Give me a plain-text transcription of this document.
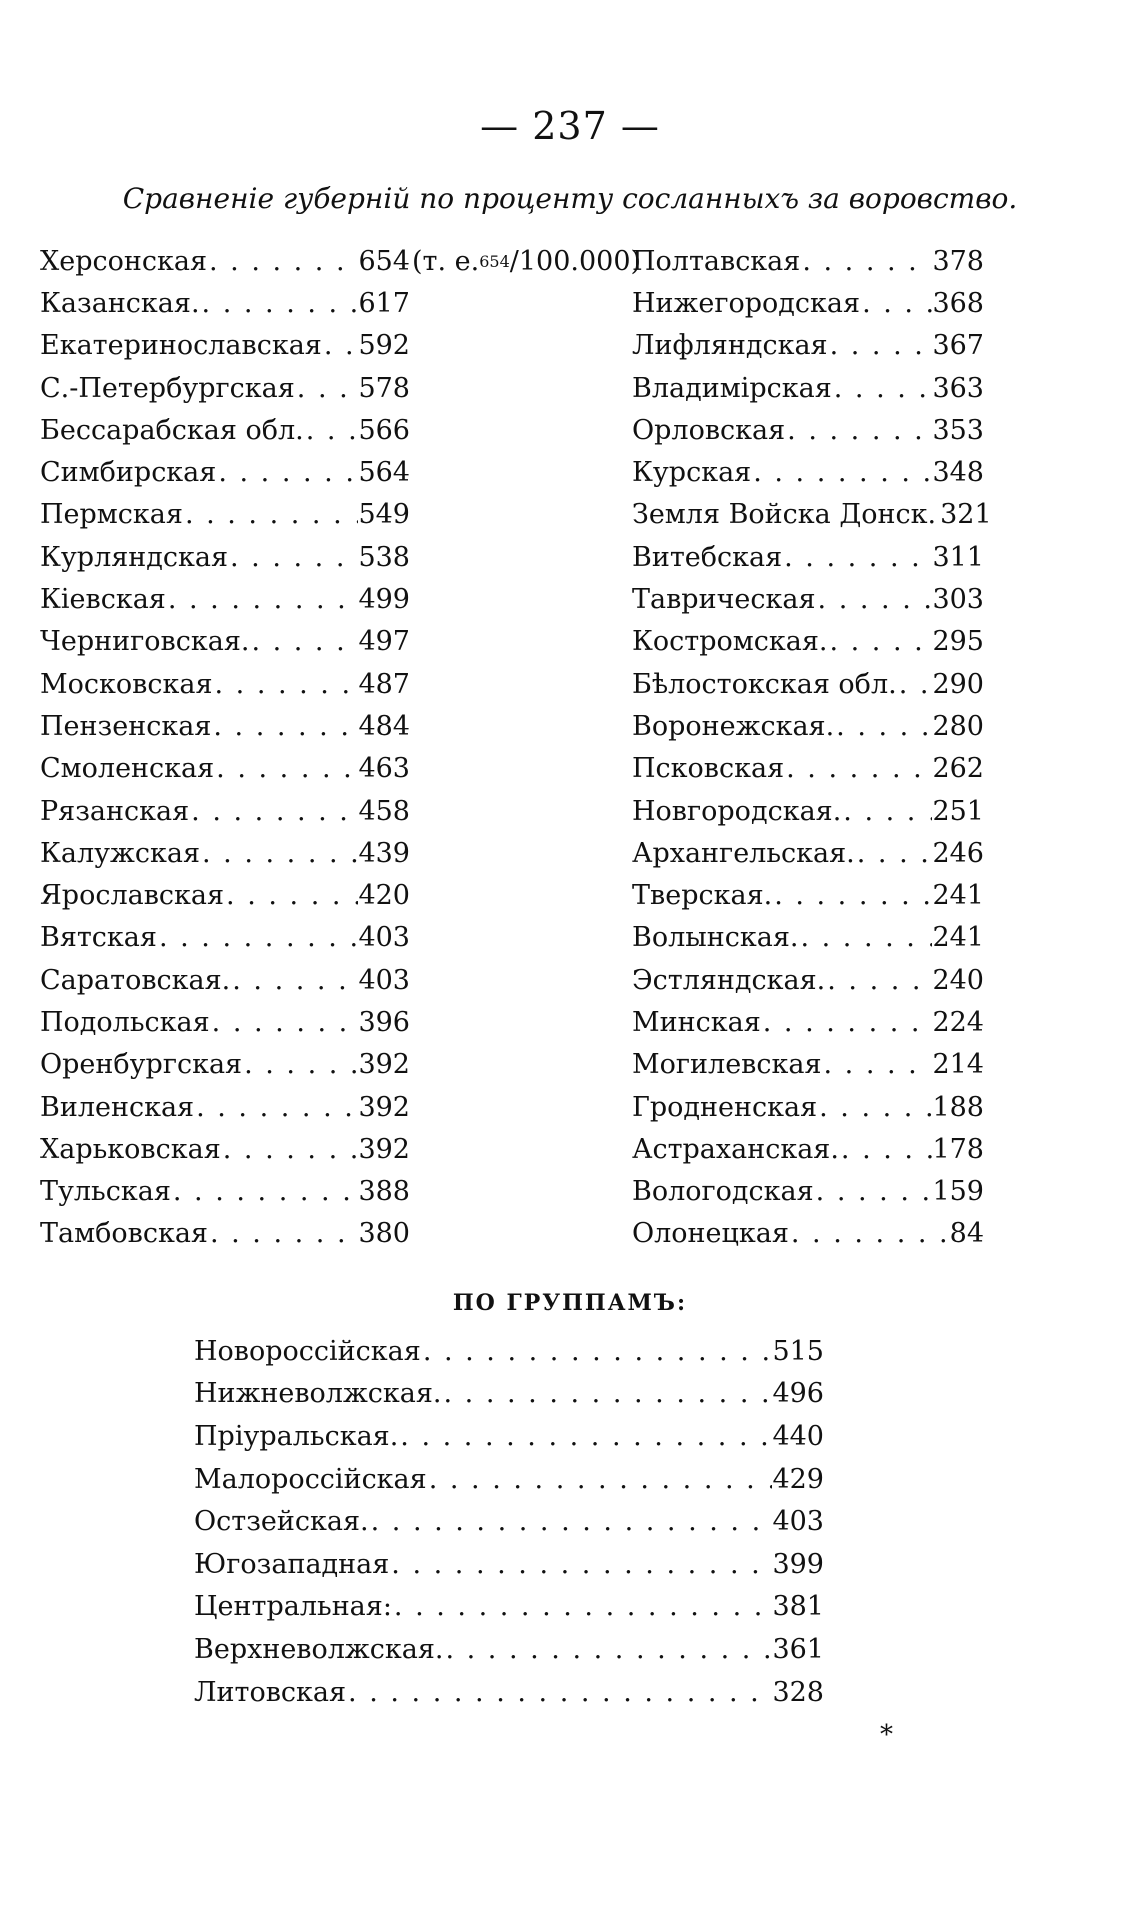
— 237 —
Сравненіе губерній по проценту сосланныхъ за воровство.
Херсонская . . .	654
Казанская. . . .	617
Екатеринославская . . . 592
С.-Петербургская . . . 578
Бессарабская обл. . . . 566
Симбирская . . .	564
Пермская . . .	549
Курляндская . . .	538
Кіевская . . .	499
Черниговская. . . .	497
Московская . . .	487
Пензенская . . .	484
Смоленская . . .	463
Рязанская . . .	458
Калужская . . .	439
Ярославская . . .	420
Вятская . . .	403
Саратовская. . . .	403
Подольская . . .	396
Оренбургская . . .	392
Виленская . . .	392
Харьковская . . .	392
Тульская . . .	388
Тамбовская . . .	380
(т. е. 654 /100.000)
Полтавская . . .	378
Нижегородская . . .	368
Лифляндская . . .	367
Владимірская . . .	363
Орловская . . .	353
Курская . . .	348
Земля Войска Донск. . . . 321
Витебская . . .	311
Таврическая . . .	303
Костромская. . . .	295
Бѣлостокская обл. . . . 290
Воронежская. . . .	280
Псковская . . .	262
Новгородская. . . .	251
Архангельская. . . .	246
Тверская. . . .	241
Волынская. . . .	241
Эстляндская. . . .	240
Минская . . .	224
Могилевская . . .	214
Гродненская . . .	188
Астраханская. . . .	178
Вологодская . . .	159
Олонецкая . . .	84
ПО ГРУППАМЪ:
Новороссійская . . .	515
Нижневолжская. . . .	496
Пріуральская. . . .	440
Малороссійская . . .	429
Остзейская. . . .	403
Югозападная . . .	399
Центральная: . . .	381
Верхневолжская. . . .	361
Литовская . . .	328
*
